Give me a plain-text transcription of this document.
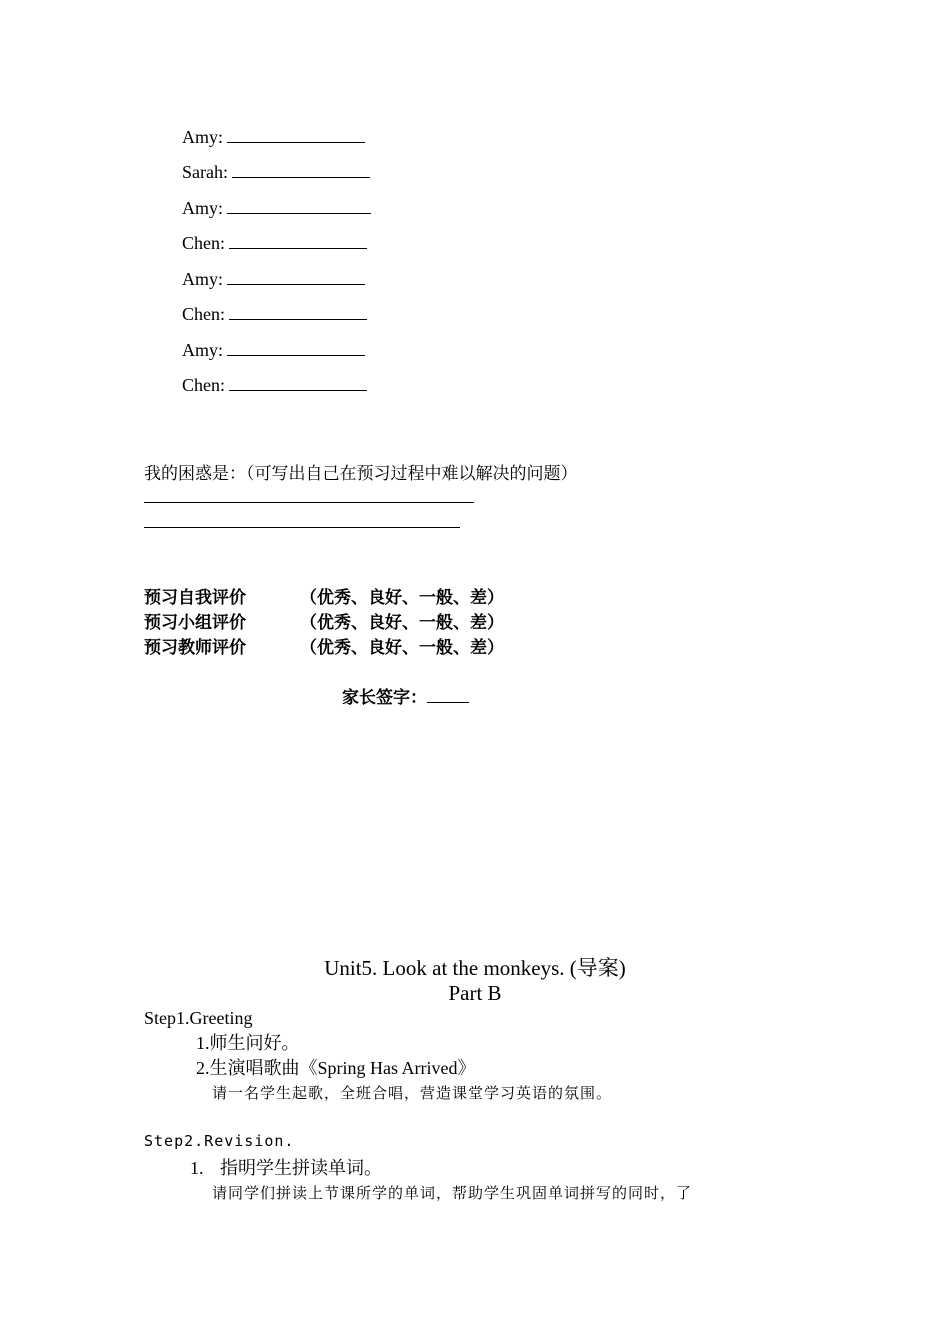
Amy:
Sarah:
Amy:
Chen:
Amy:
Chen:
Amy:
Chen:
我的困惑是：（可写出自己在预习过程中难以解决的问题）
预习自我评价	（优秀、良好、一般、差）
预习小组评价	（优秀、良好、一般、差）
预习教师评价	（优秀、良好、一般、差）
家长签字：
Unit5. Look at the monkeys. (导案)
Part B
Step1.Greeting
1.师生问好。
2.生演唱歌曲《Spring Has Arrived》
请一名学生起歌，全班合唱，营造课堂学习英语的氛围。
Step2.Revision.
1. 指明学生拼读单词。
请同学们拼读上节课所学的单词，帮助学生巩固单词拼写的同时，了
